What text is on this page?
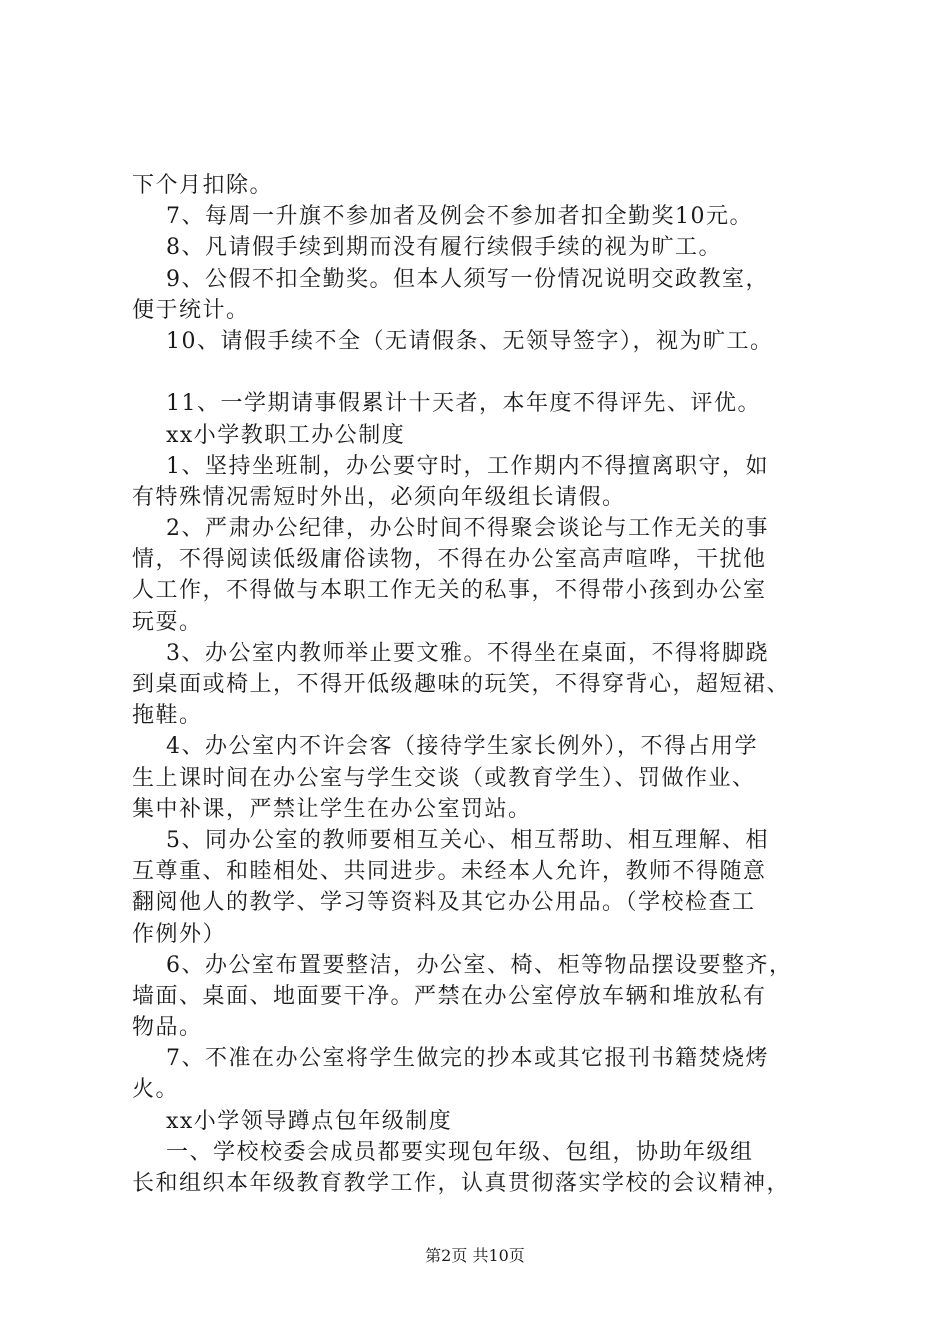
下个月扣除。
7、每周一升旗不参加者及例会不参加者扣全勤奖10元。
8、凡请假手续到期而没有履行续假手续的视为旷工。
9、公假不扣全勤奖。但本人须写一份情况说明交政教室，
便于统计。
10、请假手续不全（无请假条、无领导签字），视为旷工。
11、一学期请事假累计十天者，本年度不得评先、评优。
xx小学教职工办公制度
1、坚持坐班制，办公要守时，工作期内不得擅离职守，如
有特殊情况需短时外出，必须向年级组长请假。
2、严肃办公纪律，办公时间不得聚会谈论与工作无关的事
情，不得阅读低级庸俗读物，不得在办公室高声喧哗，干扰他
人工作，不得做与本职工作无关的私事，不得带小孩到办公室
玩耍。
3、办公室内教师举止要文雅。不得坐在桌面，不得将脚跷
到桌面或椅上，不得开低级趣味的玩笑，不得穿背心，超短裙、
拖鞋。
4、办公室内不许会客（接待学生家长例外），不得占用学
生上课时间在办公室与学生交谈（或教育学生）、罚做作业、
集中补课，严禁让学生在办公室罚站。
5、同办公室的教师要相互关心、相互帮助、相互理解、相
互尊重、和睦相处、共同进步。未经本人允许，教师不得随意
翻阅他人的教学、学习等资料及其它办公用品。（学校检查工
作例外）
6、办公室布置要整洁，办公室、椅、柜等物品摆设要整齐，
墙面、桌面、地面要干净。严禁在办公室停放车辆和堆放私有
物品。
7、不准在办公室将学生做完的抄本或其它报刊书籍焚烧烤
火。
xx小学领导蹲点包年级制度
一、学校校委会成员都要实现包年级、包组，协助年级组
长和组织本年级教育教学工作，认真贯彻落实学校的会议精神，
第2页 共10页
